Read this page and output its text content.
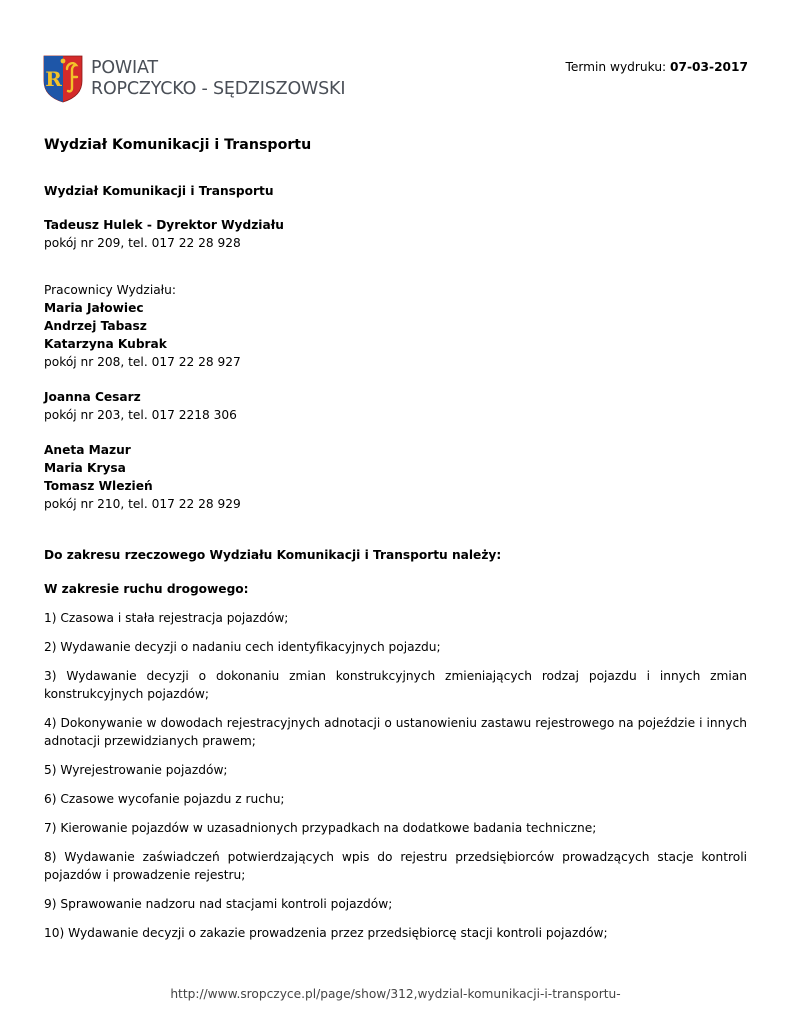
R POWIAT
ROPCZYCKO - SĘDZISZOWSKI
Termin wydruku: 07-03-2017
Wydział Komunikacji i Transportu

Wydział Komunikacji i Transportu

Tadeusz Hulek - Dyrektor Wydziału

pokój nr 209, tel. 017 22 28 928

Pracownicy Wydziału:

Maria Jałowiec

Andrzej Tabasz

Katarzyna Kubrak

pokój nr 208, tel. 017 22 28 927

Joanna Cesarz

pokój nr 203, tel. 017 2218 306

Aneta Mazur

Maria Krysa

Tomasz Wlezień

pokój nr 210, tel. 017 22 28 929

Do zakresu rzeczowego Wydziału Komunikacji i Transportu należy:

W zakresie ruchu drogowego:

1) Czasowa i stała rejestracja pojazdów;

2) Wydawanie decyzji o nadaniu cech identyfikacyjnych pojazdu;

3) Wydawanie decyzji o dokonaniu zmian konstrukcyjnych zmieniających rodzaj pojazdu i innych zmian konstrukcyjnych pojazdów;

4) Dokonywanie w dowodach rejestracyjnych adnotacji o ustanowieniu zastawu rejestrowego na pojeździe i innych adnotacji przewidzianych prawem;

5) Wyrejestrowanie pojazdów;

6) Czasowe wycofanie pojazdu z ruchu;

7) Kierowanie pojazdów w uzasadnionych przypadkach na dodatkowe badania techniczne;

8) Wydawanie zaświadczeń potwierdzających wpis do rejestru przedsiębiorców prowadzących stacje kontroli pojazdów i prowadzenie rejestru;

9) Sprawowanie nadzoru nad stacjami kontroli pojazdów;

10) Wydawanie decyzji o zakazie prowadzenia przez przedsiębiorcę stacji kontroli pojazdów;

http://www.sropczyce.pl/page/show/312,wydzial-komunikacji-i-transportu-
